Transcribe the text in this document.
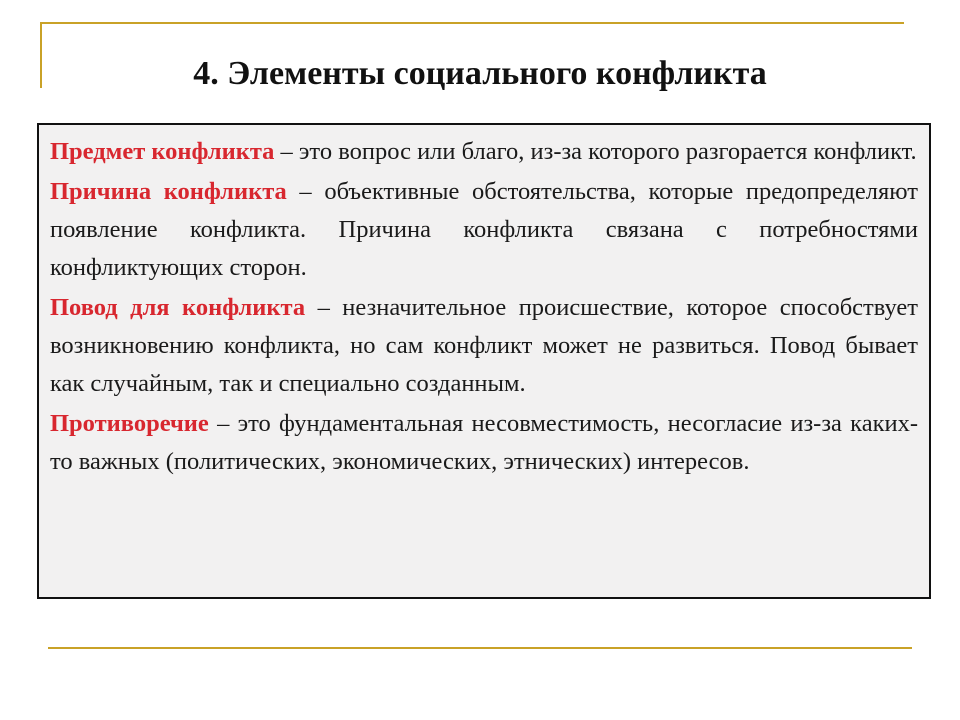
4. Элементы социального конфликта

Предмет конфликта – это вопрос или благо, из-за которого разгорается конфликт.

Причина конфликта – объективные обстоятельства, которые предопределяют появление конфликта. Причина конфликта связана с потребностями конфликтующих сторон.

Повод для конфликта – незначительное происшествие, которое способствует возникновению конфликта, но сам конфликт может не развиться. Повод бывает как случайным, так и специально созданным.

Противоречие – это фундаментальная несовместимость, несогласие из-за каких-то важных (политических, экономических, этнических) интересов.
